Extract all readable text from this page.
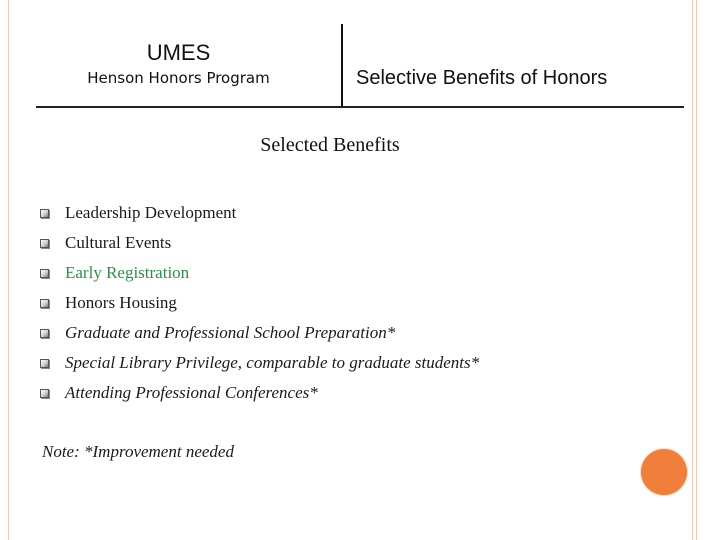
UMES
Henson Honors Program	Selective Benefits of Honors
Selected Benefits
Leadership Development
Cultural Events
Early Registration
Honors Housing
Graduate and Professional School Preparation*
Special Library Privilege, comparable to graduate students*
Attending Professional Conferences*
Note: *Improvement needed
